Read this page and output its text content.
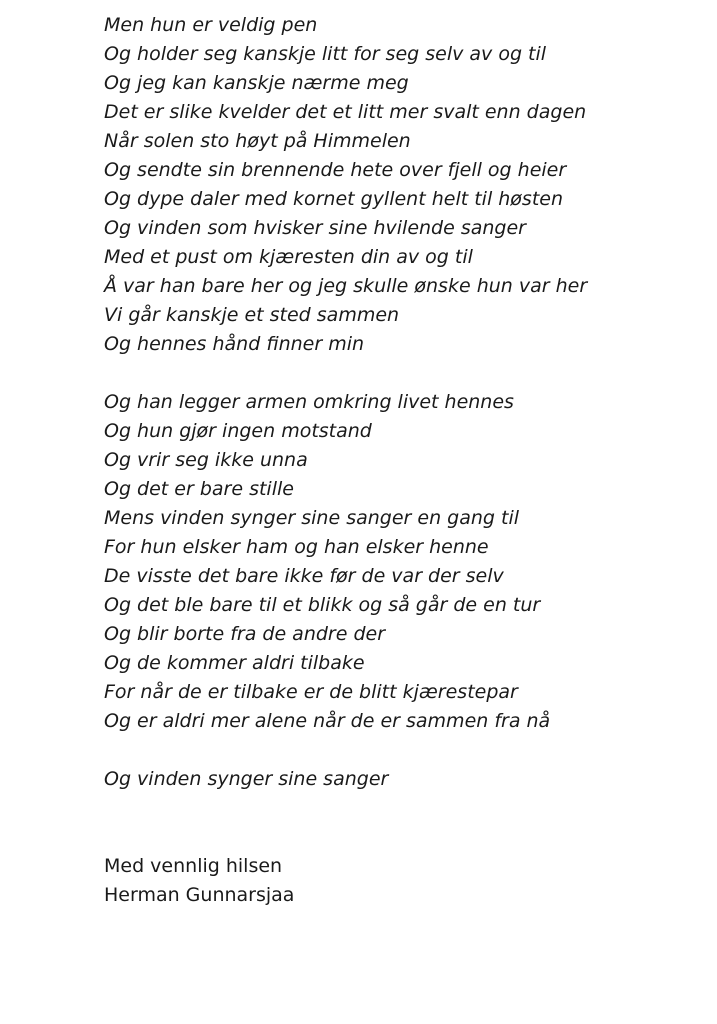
Men hun er veldig pen
Og holder seg kanskje litt for seg selv av og til
Og jeg kan kanskje nærme meg
Det er slike kvelder det et litt mer svalt enn dagen
Når solen sto høyt på Himmelen
Og sendte sin brennende hete over fjell og heier
Og dype daler med kornet gyllent helt til høsten
Og vinden som hvisker sine hvilende sanger
Med et pust om kjæresten din av og til
Å var han bare her og jeg skulle ønske hun var her
Vi går kanskje et sted sammen
Og hennes hånd finner min
Og han legger armen omkring livet hennes
Og hun gjør ingen motstand
Og vrir seg ikke unna
Og det er bare stille
Mens vinden synger sine sanger en gang til
For hun elsker ham og han elsker henne
De visste det bare ikke før de var der selv
Og det ble bare til et blikk og så går de en tur
Og blir borte fra de andre der
Og de kommer aldri tilbake
For når de er tilbake er de blitt kjærestepar
Og er aldri mer alene når de er sammen fra nå
Og vinden synger sine sanger
Med vennlig hilsen
Herman Gunnarsjaa
